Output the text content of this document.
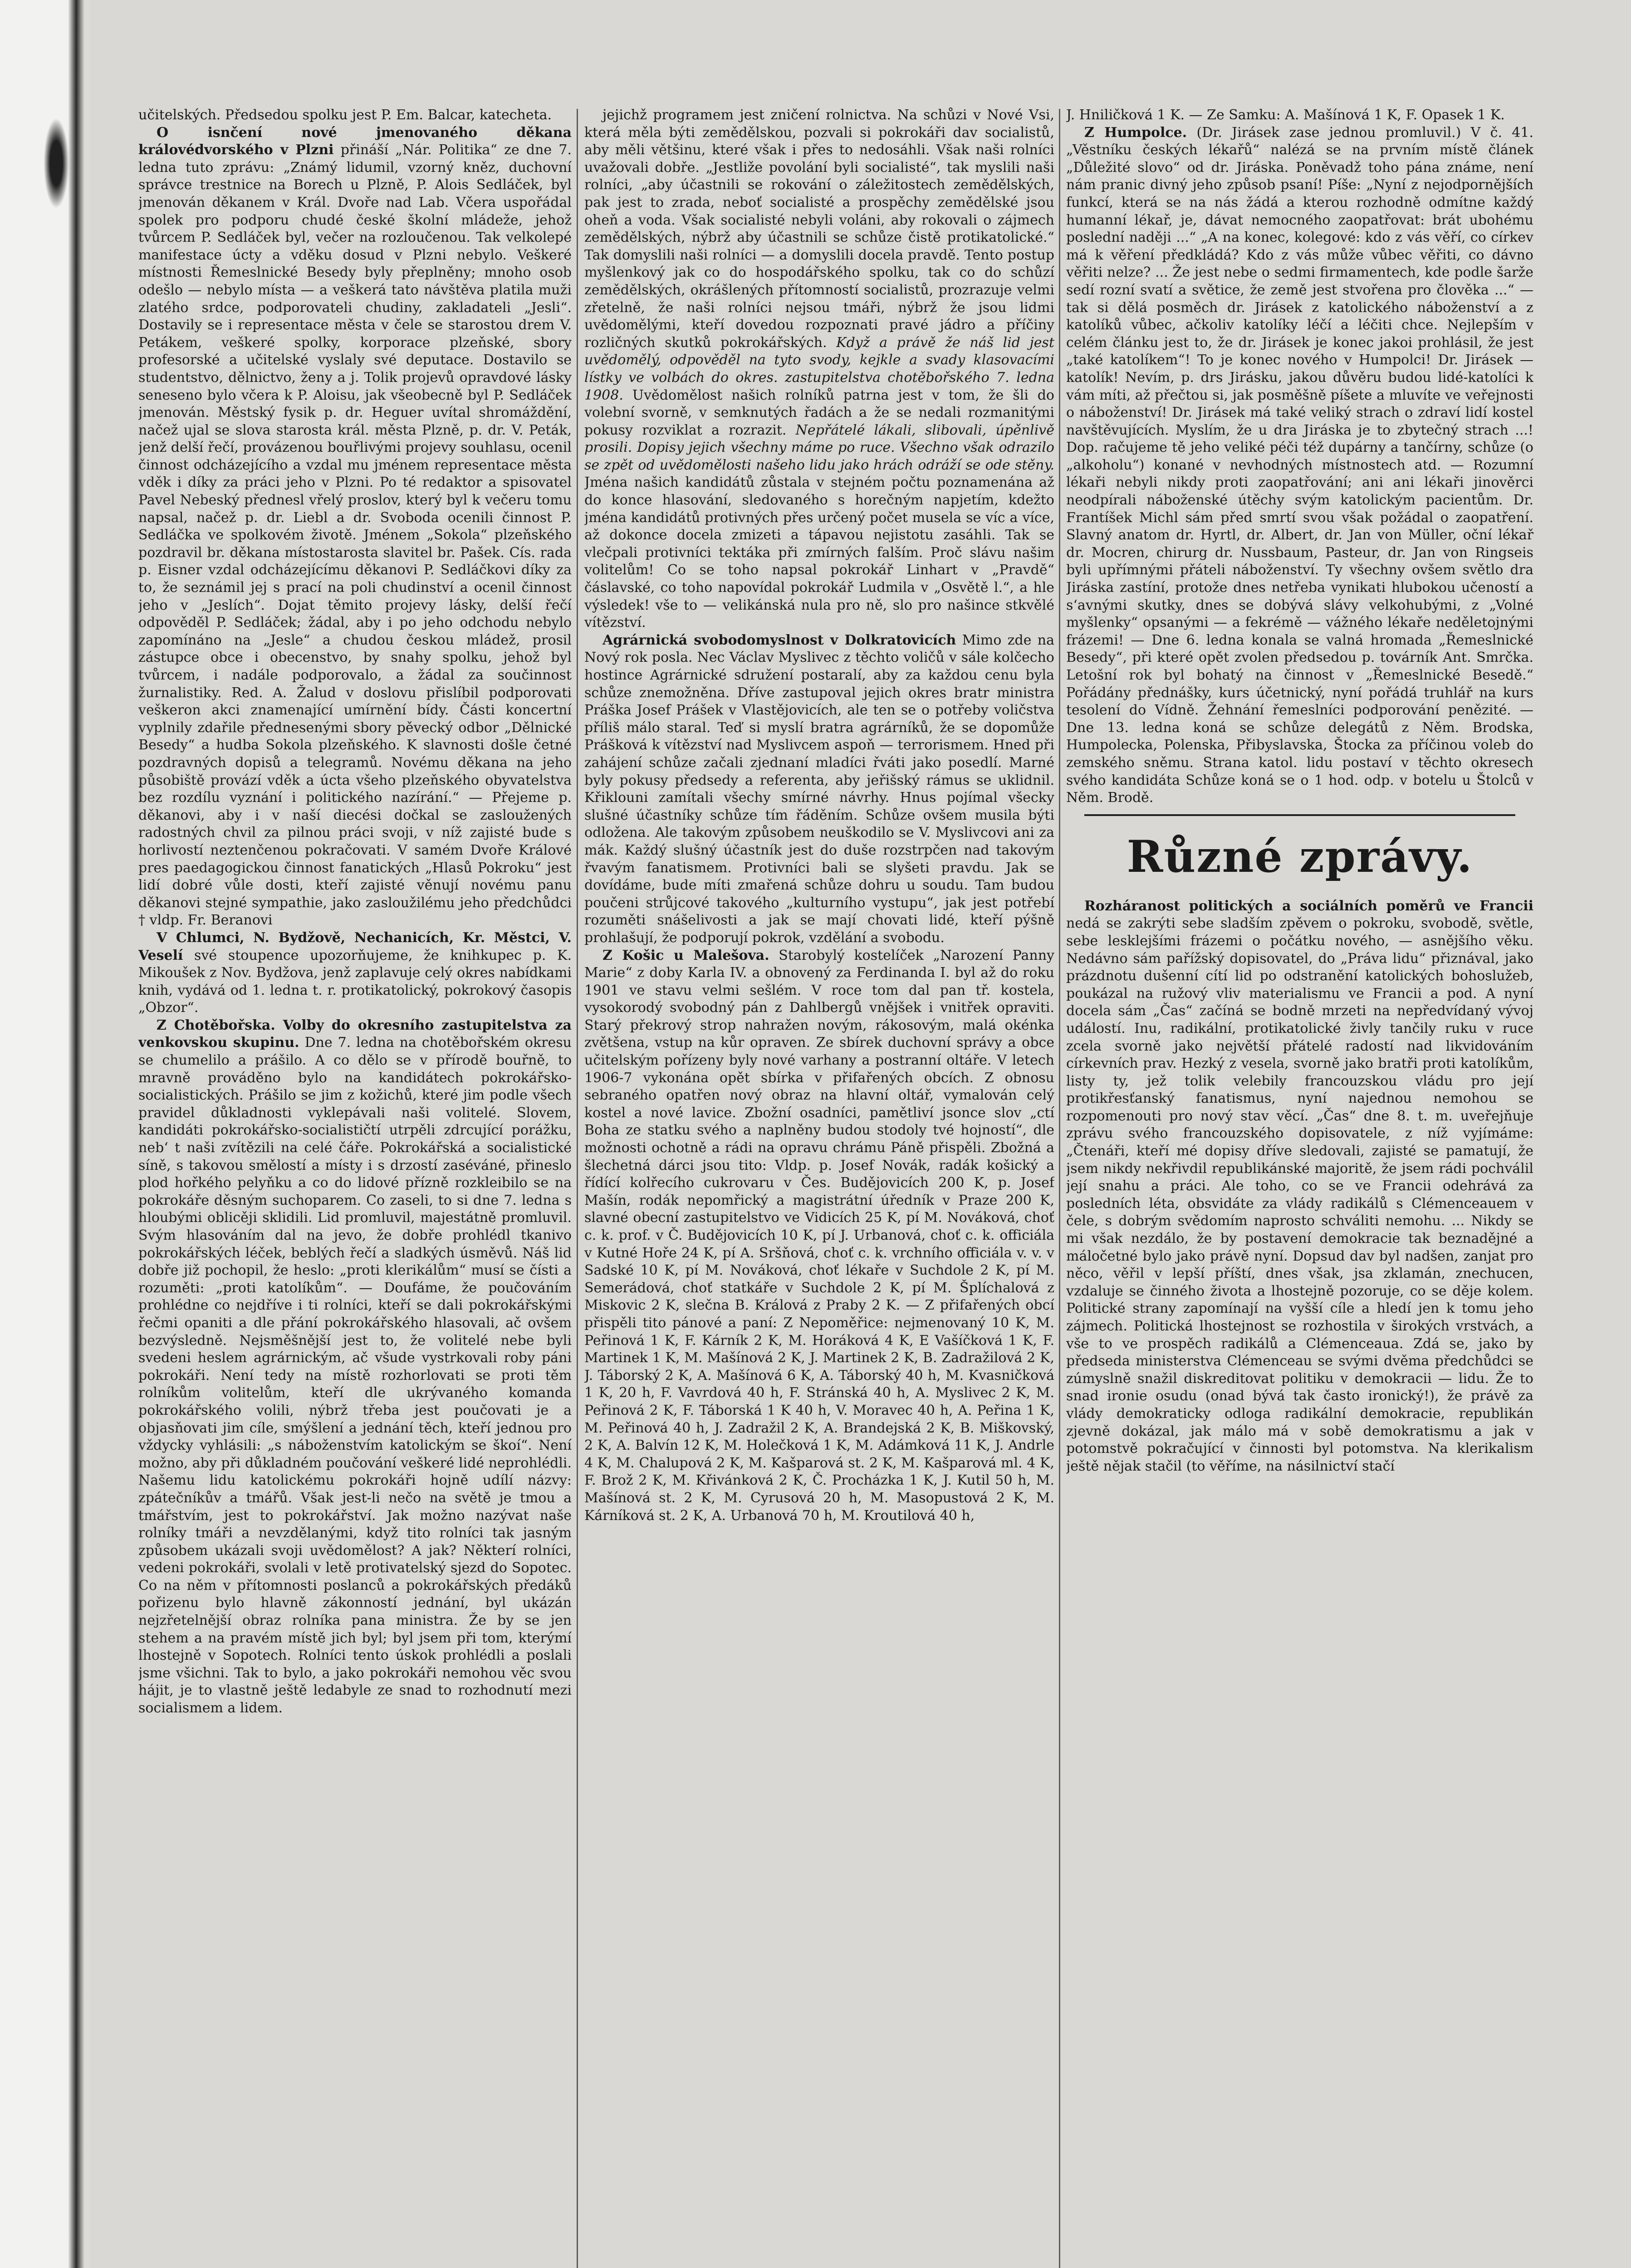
učitelských. Předsedou spolku jest P. Em. Balcar, katecheta.

O isnčení nové jmenovaného děkana královédvorského v Plzni přináší „Nár. Politika“ ze dne 7. ledna tuto zprávu: „Známý lidumil, vzorný kněz, duchovní správce trestnice na Borech u Plzně, P. Alois Sedláček, byl jmenován děkanem v Král. Dvoře nad Lab. Včera uspořádal spolek pro podporu chudé české školní mládeže, jehož tvůrcem P. Sedláček byl, večer na rozloučenou. Tak velkolepé manifestace úcty a vděku dosud v Plzni nebylo. Veškeré místnosti Řemeslnické Besedy byly přeplněny; mnoho osob odešlo — nebylo místa — a veškerá tato návštěva platila muži zlatého srdce, podporovateli chudiny, zakladateli „Jesli“. Dostavily se i representace města v čele se starostou drem V. Petákem, veškeré spolky, korporace plzeňské, sbory profesorské a učitelské vyslaly své deputace. Dostavilo se studentstvo, dělnictvo, ženy a j. Tolik projevů opravdové lásky seneseno bylo včera k P. Aloisu, jak všeobecně byl P. Sedláček jmenován. Městský fysik p. dr. Heguer uvítal shromáždění, načež ujal se slova starosta král. města Plzně, p. dr. V. Peták, jenž delší řečí, provázenou bouřlivými projevy souhlasu, ocenil činnost odcházejícího a vzdal mu jménem representace města vděk i díky za práci jeho v Plzni. Po té redaktor a spisovatel Pavel Nebeský přednesl vřelý proslov, který byl k večeru tomu napsal, načež p. dr. Liebl a dr. Svoboda ocenili činnost P. Sedláčka ve spolkovém životě. Jménem „Sokola“ plzeňského pozdravil br. děkana místostarosta slavitel br. Pašek. Cís. rada p. Eisner vzdal odcházejícímu děkanovi P. Sedláčkovi díky za to, že seznámil jej s prací na poli chudinství a ocenil činnost jeho v „Jeslích“. Dojat těmito projevy lásky, delší řečí odpověděl P. Sedláček; žádal, aby i po jeho odchodu nebylo zapomínáno na „Jesle“ a chudou českou mládež, prosil zástupce obce i obecenstvo, by snahy spolku, jehož byl tvůrcem, i nadále podporovalo, a žádal za součinnost žurnalistiky. Red. A. Žalud v doslovu přislíbil podporovati veškeron akci znamenající umírnění bídy. Části koncertní vyplnily zdařile přednesenými sbory pěvecký odbor „Dělnické Besedy“ a hudba Sokola plzeňského. K slavnosti došle četné pozdravných dopisů a telegramů. Novému děkana na jeho působiště provází vděk a úcta všeho plzeňského obyvatelstva bez rozdílu vyznání i politického nazírání.“ — Přejeme p. děkanovi, aby i v naší diecési dočkal se zasloužených radostných chvil za pilnou práci svoji, v níž zajisté bude s horlivostí neztenčenou pokračovati. V samém Dvoře Králové pres paedagogickou činnost fanatických „Hlasů Pokroku“ jest lidí dobré vůle dosti, kteří zajisté věnují novému panu děkanovi stejné sympathie, jako zasloužilému jeho předchůdci † vldp. Fr. Beranovi

V Chlumci, N. Bydžově, Nechanicích, Kr. Městci, V. Veselí své stoupence upozorňujeme, že knihkupec p. K. Mikoušek z Nov. Bydžova, jenž zaplavuje celý okres nabídkami knih, vydává od 1. ledna t. r. protikatolický, pokrokový časopis „Obzor“.

Z Chotěbořska. Volby do okresního zastupitelstva za venkovskou skupinu. Dne 7. ledna na chotěbořském okresu se chumelilo a prášilo. A co dělo se v přírodě bouřně, to mravně prováděno bylo na kandidátech pokrokářsko-socialistických. Prášilo se jim z kožichů, které jim podle všech pravidel důkladnosti vyklepávali naši volitelé. Slovem, kandidáti pokrokářsko-socialističtí utrpěli zdrcující porážku, neb‘ t naši zvítězili na celé čáře. Pokrokářská a socialistické síně, s takovou smělostí a místy i s drzostí zaséváné, přineslo plod hořkého pelyňku a co do lidové přízně rozkleibilo se na pokrokáře děsným suchoparem. Co zaseli, to si dne 7. ledna s hloubými oblicěji sklidili. Lid promluvil, majestátně promluvil. Svým hlasováním dal na jevo, že dobře prohlédl tkanivo pokrokářských léček, beblých řečí a sladkých úsměvů. Náš lid dobře již pochopil, že heslo: „proti klerikálům“ musí se čísti a rozuměti: „proti katolíkům“. — Doufáme, že poučováním prohlédne co nejdříve i ti rolníci, kteří se dali pokrokářskými řečmi opaniti a dle přání pokrokářského hlasovali, ač ovšem bezvýsledně. Nejsměšnější jest to, že volitelé nebe byli svedeni heslem agrárnickým, ač všude vystrkovali roby páni pokrokáři. Není tedy na místě rozhorlovati se proti těm rolníkům volitelům, kteří dle ukrývaného komanda pokrokářského volili, nýbrž třeba jest poučovati je a objasňovati jim cíle, smýšlení a jednání těch, kteří jednou pro vždycky vyhlásili: „s náboženstvím katolickým se škoí“. Není možno, aby při důkladném poučování veškeré lidé neprohlédli. Našemu lidu katolickému pokrokáři hojně udílí názvy: zpátečníkův a tmářů. Však jest-li nečo na světě je tmou a tmářstvím, jest to pokrokářství. Jak možno nazývat naše rolníky tmáři a nevzdělanými, když tito rolníci tak jasným způsobem ukázali svoji uvědomělost? A jak? Některí rolníci, vedeni pokrokáři, svolali v letě protivatelský sjezd do Sopotec. Co na něm v přítomnosti poslanců a pokrokářských předáků pořizenu bylo hlavně zákonností jednání, byl ukázán nejzřetelnější obraz rolníka pana ministra. Že by se jen stehem a na pravém místě jich byl; byl jsem při tom, kterýmí lhostejně v Sopotech. Rolníci tento úskok prohlédli a poslali jsme všichni. Tak to bylo, a jako pokrokáři nemohou věc svou hájit, je to vlastně ještě ledabyle ze snad to rozhodnutí mezi socialismem a lidem.

jejichž programem jest zničení rolnictva. Na schůzi v Nové Vsi, která měla býti zemědělskou, pozvali si pokrokáři dav socialistů, aby měli většinu, které však i přes to nedosáhli. Však naši rolníci uvažovali dobře. „Jestliže povolání byli socialisté“, tak myslili naši rolníci, „aby účastnili se rokování o záležitostech zemědělských, pak jest to zrada, neboť socialisté a prospěchy zemědělské jsou oheň a voda. Však socialisté nebyli voláni, aby rokovali o zájmech zemědělských, nýbrž aby účastnili se schůze čistě protikatolické.“ Tak domyslili naši rolníci — a domyslili docela pravdě. Tento postup myšlenkový jak co do hospodářského spolku, tak co do schůzí zemědělských, okrášlených přítomností socialistů, prozrazuje velmi zřetelně, že naši rolníci nejsou tmáři, nýbrž že jsou lidmi uvědomělými, kteří dovedou rozpoznati pravé jádro a příčiny rozličných skutků pokrokářských. Když a právě že náš lid jest uvědomělý, odpověděl na tyto svody, kejkle a svady klasovacími lístky ve volbách do okres. zastupitelstva chotěbořského 7. ledna 1908. Uvědomělost našich rolníků patrna jest v tom, že šli do volební svorně, v semknutých řadách a že se nedali rozmanitými pokusy rozviklat a rozrazit. Nepřátelé lákali, slibovali, úpěnlivě prosili. Dopisy jejich všechny máme po ruce. Všechno však odrazilo se zpět od uvědomělosti našeho lidu jako hrách odráží se ode stěny. Jména našich kandidátů zůstala v stejném počtu poznamenána až do konce hlasování, sledovaného s horečným napjetím, kdežto jména kandidátů protivných přes určený počet musela se víc a více, až dokonce docela zmizeti a tápavou nejistotu zasáhli. Tak se vlečpali protivníci tektáka při zmírných falším. Proč slávu našim volitelům! Co se toho napsal pokrokář Linhart v „Pravdě“ čáslavské, co toho napovídal pokrokář Ludmila v „Osvětě l.“, a hle výsledek! vše to — velikánská nula pro ně, slo pro našince stkvělé vítězství.

Agrárnická svobodomyslnost v Dolkratovicích Mimo zde na Nový rok posla. Nec Václav Myslivec z těchto voličů v sále kolčecho hostince Agrárnické sdružení postaralí, aby za každou cenu byla schůze znemožněna. Dříve zastupoval jejich okres bratr ministra Práška Josef Prášek v Vlastějovicích, ale ten se o potřeby voličstva příliš málo staral. Teď si myslí bratra agrárníků, že se dopomůže Prášková k vítězství nad Myslivcem aspoň — terrorismem. Hned při zahájení schůze začali zjednaní mladíci řváti jako posedlí. Marné byly pokusy předsedy a referenta, aby jeřišský rámus se uklidnil. Křiklouni zamítali všechy smírné návrhy. Hnus pojímal všecky slušné účastníky schůze tím řáděním. Schůze ovšem musila býti odložena. Ale takovým způsobem neuškodilo se V. Myslivcovi ani za mák. Každý slušný účastník jest do duše rozstrpčen nad takovým řvavým fanatismem. Protivníci bali se slyšeti pravdu. Jak se dovídáme, bude míti zmařená schůze dohru u soudu. Tam budou poučeni strůjcové takového „kulturního vystupu“, jak jest potřebí rozuměti snášelivosti a jak se mají chovati lidé, kteří pýšně prohlašují, že podporují pokrok, vzdělání a svobodu.

Z Košic u Malešova. Starobylý kostelíček „Narození Panny Marie“ z doby Karla IV. a obnovený za Ferdinanda I. byl až do roku 1901 ve stavu velmi sešlém. V roce tom dal pan tř. kostela, vysokorodý svobodný pán z Dahlbergů vnějšek i vnitřek opraviti. Starý překrový strop nahražen novým, rákosovým, malá okénka zvětšena, vstup na kůr opraven. Ze sbírek duchovní správy a obce učitelským pořízeny byly nové varhany a postranní oltáře. V letech 1906-7 vykonána opět sbírka v přifařených obcích. Z obnosu sebraného opatřen nový obraz na hlavní oltář, vymalován celý kostel a nové lavice. Zbožní osadníci, pamětliví jsonce slov „ctí Boha ze statku svého a naplněny budou stodoly tvé hojností“, dle možnosti ochotně a rádi na opravu chrámu Páně přispěli. Zbožná a šlechetná dárci jsou tito: Vldp. p. Josef Novák, radák košický a řídící kolřecího cukrovaru v Čes. Budějovicích 200 K, p. Josef Mašín, rodák nepomřický a magistrátní úředník v Praze 200 K, slavné obecní zastupitelstvo ve Vidicích 25 K, pí M. Nováková, choť c. k. prof. v Č. Budějovicích 10 K, pí J. Urbanová, choť c. k. officiála v Kutné Hoře 24 K, pí A. Sršňová, choť c. k. vrchního officiála v. v. v Sadské 10 K, pí M. Nováková, choť lékaře v Suchdole 2 K, pí M. Semerádová, choť statkáře v Suchdole 2 K, pí M. Šplíchalová z Miskovic 2 K, slečna B. Králová z Praby 2 K. — Z přifařených obcí přispěli tito pánové a paní: Z Nepoměřice: nejmenovaný 10 K, M. Peřinová 1 K, F. Kárník 2 K, M. Horáková 4 K, E Vašíčková 1 K, F. Martinek 1 K, M. Mašínová 2 K, J. Martinek 2 K, B. Zadražilová 2 K, J. Táborský 2 K, A. Mašínová 6 K, A. Táborský 40 h, M. Kvasničková 1 K, 20 h, F. Vavrdová 40 h, F. Stránská 40 h, A. Myslivec 2 K, M. Peřinová 2 K, F. Táborská 1 K 40 h, V. Moravec 40 h, A. Peřina 1 K, M. Peřinová 40 h, J. Zadražil 2 K, A. Brandejská 2 K, B. Miškovský, 2 K, A. Balvín 12 K, M. Holečková 1 K, M. Adámková 11 K, J. Andrle 4 K, M. Chalupová 2 K, M. Kašparová st. 2 K, M. Kašparová ml. 4 K, F. Brož 2 K, M. Křivánková 2 K, Č. Procházka 1 K, J. Kutil 50 h, M. Mašínová st. 2 K, M. Cyrusová 20 h, M. Masopustová 2 K, M. Kárníková st. 2 K, A. Urbanová 70 h, M. Kroutilová 40 h,

J. Hniličková 1 K. — Ze Samku: A. Mašínová 1 K, F. Opasek 1 K.

Z Humpolce. (Dr. Jirásek zase jednou promluvil.) V č. 41. „Věstníku českých lékařů“ nalézá se na prvním místě článek „Důležité slovo“ od dr. Jiráska. Poněvadž toho pána známe, není nám pranic divný jeho způsob psaní! Píše: „Nyní z nejodpornějších funkcí, která se na nás žádá a kterou rozhodně odmítne každý humanní lékař, je, dávat nemocného zaopatřovat: brát ubohému poslední naději ...“ „A na konec, kolegové: kdo z vás věří, co církev má k věření předkládá? Kdo z vás může vůbec věřiti, co dávno věřiti nelze? ... Že jest nebe o sedmi firmamentech, kde podle šarže sedí rozní svatí a světice, že země jest stvořena pro člověka ...“ — tak si dělá posměch dr. Jirásek z katolického náboženství a z katolíků vůbec, ačkoliv katolíky léčí a léčiti chce. Nejlepším v celém článku jest to, že dr. Jirásek je konec jakoi prohlásil, že jest „také katolíkem“! To je konec nového v Humpolci! Dr. Jirásek — katolík! Nevím, p. drs Jirásku, jakou důvěru budou lidé-katolíci k vám míti, až přečtou si, jak posměšně píšete a mluvíte ve veřejnosti o náboženství! Dr. Jirásek má také veliký strach o zdraví lidí kostel navštěvujících. Myslím, že u dra Jiráska je to zbytečný strach ...! Dop. račujeme tě jeho veliké péči též dupárny a tančírny, schůze (o „alkoholu“) konané v nevhodných místnostech atd. — Rozumní lékaři nebyli nikdy proti zaopatřování; ani ani lékaři jinověrci neodpírali náboženské útěchy svým katolickým pacientům. Dr. Frantíšek Michl sám před smrtí svou však požádal o zaopatření. Slavný anatom dr. Hyrtl, dr. Albert, dr. Jan von Müller, oční lékař dr. Mocren, chirurg dr. Nussbaum, Pasteur, dr. Jan von Ringseis byli upřímnými přáteli náboženství. Ty všechny ovšem světlo dra Jiráska zastíní, protože dnes netřeba vynikati hlubokou učeností a s‘avnými skutky, dnes se dobývá slávy velkohubými, z „Volné myšlenky“ opsanými — a fekrémě — vážného lékaře neděletojnými frázemi! — Dne 6. ledna konala se valná hromada „Řemeslnické Besedy“, při které opět zvolen předsedou p. továrník Ant. Smrčka. Letošní rok byl bohatý na činnost v „Řemeslnické Besedě.“ Pořádány přednášky, kurs účetnický, nyní pořádá truhlář na kurs tesolení do Vídně. Žehnání řemeslníci podporování penězité. — Dne 13. ledna koná se schůze delegátů z Něm. Brodska, Humpolecka, Polenska, Přibyslavska, Štocka za příčinou voleb do zemského sněmu. Strana katol. lidu postaví v těchto okresech svého kandidáta Schůze koná se o 1 hod. odp. v botelu u Štolců v Něm. Brodě.

Různé zprávy.

Rozháranost politických a sociálních poměrů ve Francii nedá se zakrýti sebe sladším zpěvem o pokroku, svobodě, světle, sebe lesklejšími frázemi o počátku nového, — asnějšího věku. Nedávno sám pařížský dopisovatel, do „Práva lidu“ přiznával, jako prázdnotu dušenní cítí lid po odstranění katolických bohoslužeb, poukázal na ružový vliv materialismu ve Francii a pod. A nyní docela sám „Čas“ začíná se bodně mrzeti na nepředvídaný vývoj událostí. Inu, radikální, protikatolické živly tančily ruku v ruce zcela svorně jako největší přátelé radostí nad likvidováním církevních prav. Hezký z vesela, svorně jako bratři proti katolíkům, listy ty, jež tolik velebily francouzskou vládu pro její protikřesťanský fanatismus, nyní najednou nemohou se rozpomenouti pro nový stav věcí. „Čas“ dne 8. t. m. uveřejňuje zprávu svého francouzského dopisovatele, z níž vyjímáme: „Čtenáři, kteří mé dopisy dříve sledovali, zajisté se pamatují, že jsem nikdy nekřivdil republikánské majoritě, že jsem rádi pochválil její snahu a práci. Ale toho, co se ve Francii odehrává za posledních léta, obsvidáte za vlády radikálů s Clémenceauem v čele, s dobrým svědomím naprosto schváliti nemohu. ... Nikdy se mi však nezdálo, že by postavení demokracie tak beznadějné a máločetné bylo jako právě nyní. Dopsud dav byl nadšen, zanjat pro něco, věřil v lepší příští, dnes však, jsa zklamán, znechucen, vzdaluje se činného života a lhostejně pozoruje, co se děje kolem. Politické strany zapomínají na vyšší cíle a hledí jen k tomu jeho zájmech. Politická lhostejnost se rozhostila v širokých vrstvách, a vše to ve prospěch radikálů a Clémenceaua. Zdá se, jako by předseda ministerstva Clémenceau se svými dvěma předchůdci se zúmyslně snažil diskreditovat politiku v demokracii — lidu. Že to snad ironie osudu (onad bývá tak často ironický!), že právě za vlády demokraticky odloga radikální demokracie, republikán zjevně dokázal, jak málo má v sobě demokratismu a jak v potomstvě pokračující v činnosti byl potomstva. Na klerikalism ještě nějak stačil (to věříme, na násilnictví stačí
